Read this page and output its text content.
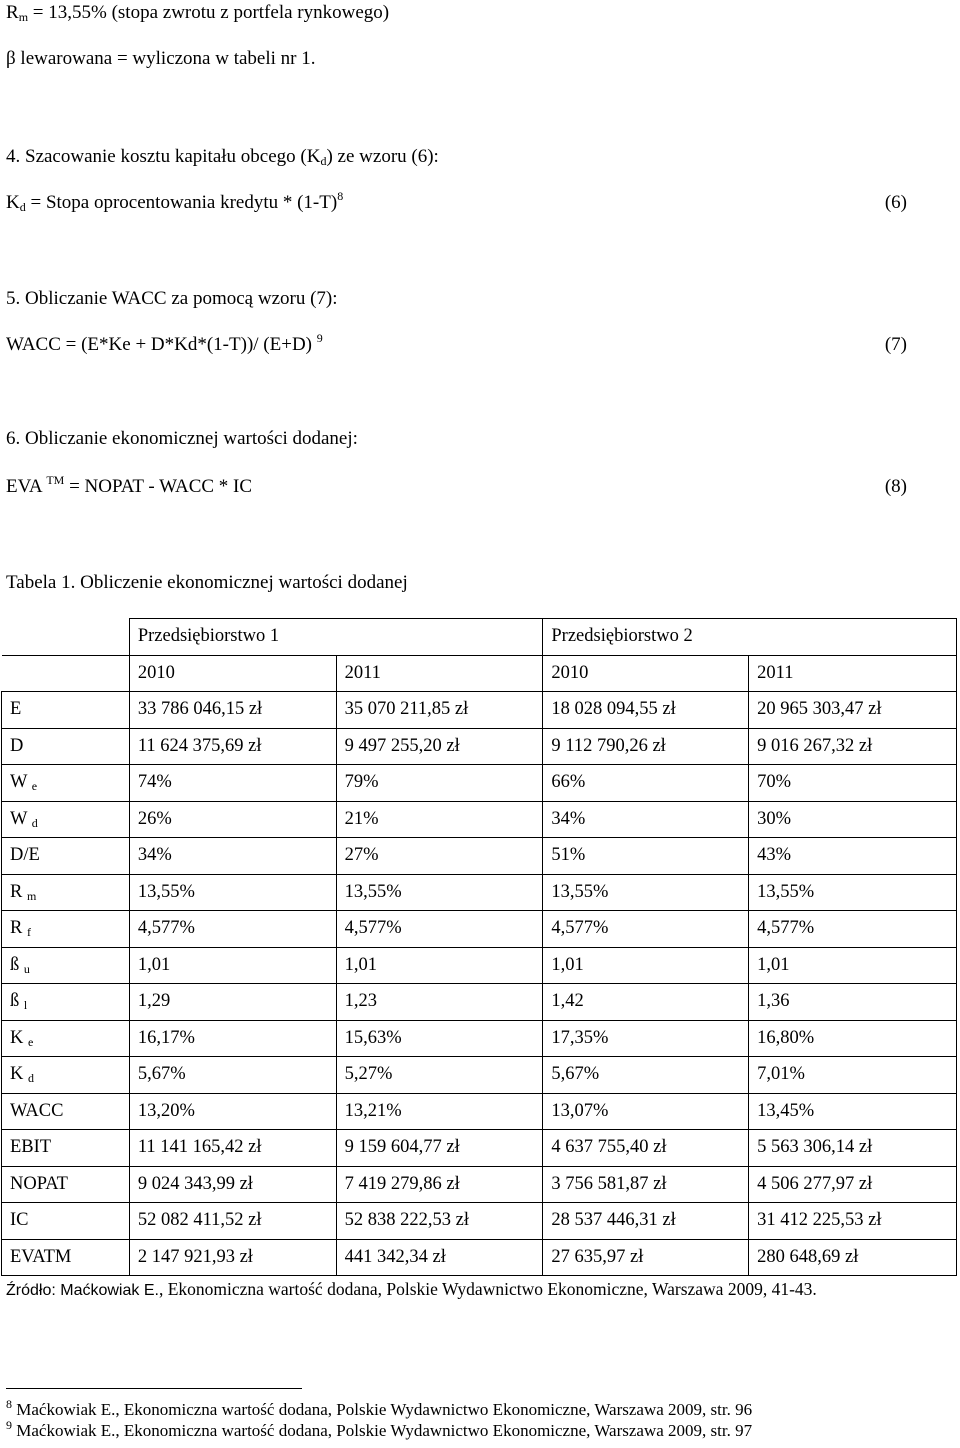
$R_m = 13,55\%$ (stopa zwrotu z portfela rynkowego)
β lewarowana = wyliczona w tabeli nr 1.
4. Szacowanie kosztu kapitału obcego $(K_d)$ ze wzoru (6):
$K_d$ = Stopa oprocentowania kredytu * $(1-T)^8$	(6)
5. Obliczanie WACC za pomocą wzoru (7):
WACC = (E*Ke + D*Kd*(1-T))/ (E+D) $^9$	(7)
6. Obliczanie ekonomicznej wartości dodanej:
EVA ™ = NOPAT - WACC * IC	(8)
Tabela 1. Obliczenie ekonomicznej wartości dodanej
	Przedsiębiorstwo 1		Przedsiębiorstwo 2	
	2010	2011	2010	2011
E	33 786 046,15 zł	35 070 211,85 zł	18 028 094,55 zł	20 965 303,47 zł
D	11 624 375,69 zł	9 497 255,20 zł	9 112 790,26 zł	9 016 267,32 zł
W $_e$	74%	79%	66%	70%
W $_d$	26%	21%	34%	30%
D/E	34%	27%	51%	43%
R $_m$	13,55%	13,55%	13,55%	13,55%
R $_f$	4,577%	4,577%	4,577%	4,577%
ß $_u$	1,01	1,01	1,01	1,01
ß $_l$	1,29	1,23	1,42	1,36
K $_e$	16,17%	15,63%	17,35%	16,80%
K $_d$	5,67%	5,27%	5,67%	7,01%
WACC	13,20%	13,21%	13,07%	13,45%
EBIT	11 141 165,42 zł	9 159 604,77 zł	4 637 755,40 zł	5 563 306,14 zł
NOPAT	9 024 343,99 zł	7 419 279,86 zł	3 756 581,87 zł	4 506 277,97 zł
IC	52 082 411,52 zł	52 838 222,53 zł	28 537 446,31 zł	31 412 225,53 zł
EVATM	2 147 921,93 zł	441 342,34 zł	27 635,97 zł	280 648,69 zł
Źródło: Maćkowiak E., Ekonomiczna wartość dodana, Polskie Wydawnictwo Ekonomiczne, Warszawa 2009, 41-43.
$^8$ Maćkowiak E., Ekonomiczna wartość dodana, Polskie Wydawnictwo Ekonomiczne, Warszawa 2009, str. 96
$^9$ Maćkowiak E., Ekonomiczna wartość dodana, Polskie Wydawnictwo Ekonomiczne, Warszawa 2009, str. 97
